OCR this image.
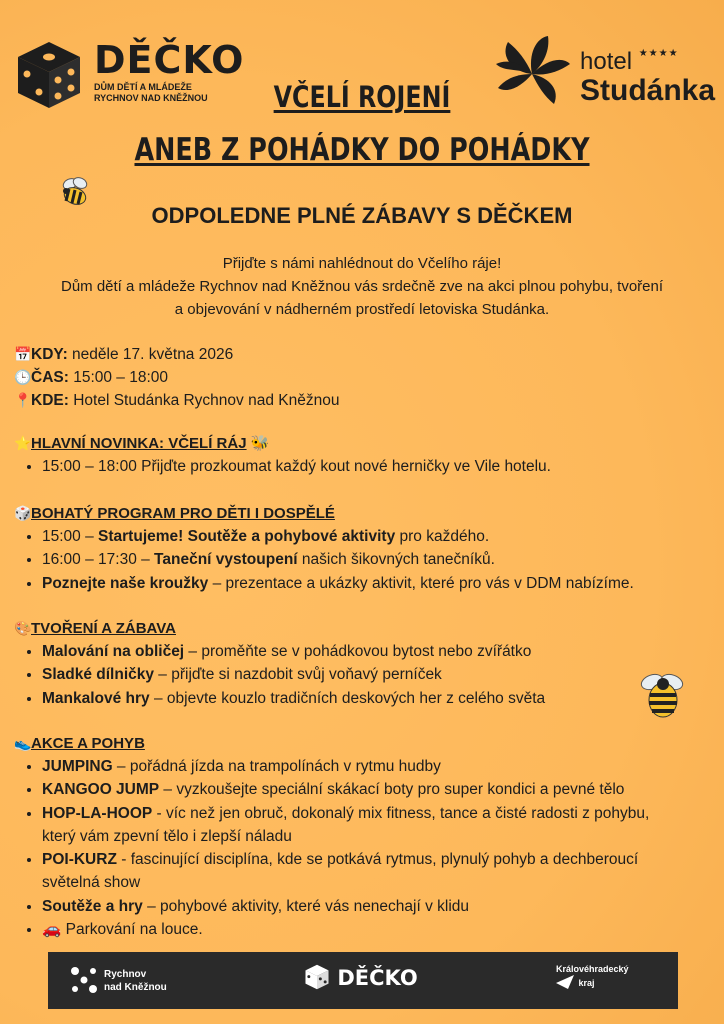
DĚČKO
DŮM DĚTÍ A MLÁDEŽE
RYCHNOV NAD KNĚŽNOU
hotel ★★★★
Studánka
VČELÍ ROJENÍ
ANEB Z POHÁDKY DO POHÁDKY
ODPOLEDNE PLNÉ ZÁBAVY S DĚČKEM
Přijďte s námi nahlédnout do Včelího ráje!
Dům dětí a mládeže Rychnov nad Kněžnou vás srdečně zve na akci plnou pohybu, tvoření
a objevování v nádherném prostředí letoviska Studánka.
📅KDY: neděle 17. května 2026
🕒ČAS: 15:00 – 18:00
📍KDE: Hotel Studánka Rychnov nad Kněžnou
⭐HLAVNÍ NOVINKA: VČELÍ RÁJ 🐝
• 15:00 – 18:00 Přijďte prozkoumat každý kout nové herničky ve Vile hotelu.
🎲BOHATÝ PROGRAM PRO DĚTI I DOSPĚLÉ
• 15:00 – Startujeme! Soutěže a pohybové aktivity pro každého.
• 16:00 – 17:30 – Taneční vystoupení našich šikovných tanečníků.
• Poznejte naše kroužky – prezentace a ukázky aktivit, které pro vás v DDM nabízíme.
🎨TVOŘENÍ A ZÁBAVA
• Malování na obličej – proměňte se v pohádkovou bytost nebo zvířátko
• Sladké dílničky – přijďte si nazdobit svůj voňavý perníček
• Mankalové hry – objevte kouzlo tradičních deskových her z celého světa
👟AKCE A POHYB
• JUMPING – pořádná jízda na trampolínách v rytmu hudby
• KANGOO JUMP – vyzkoušejte speciální skákací boty pro super kondici a pevné tělo
• HOP-LA-HOOP - víc než jen obruč, dokonalý mix fitness, tance a čisté radosti z pohybu, který vám zpevní tělo i zlepší náladu
• POI-KURZ - fascinující disciplína, kde se potkává rytmus, plynulý pohyb a dechberoucí světelná show
• Soutěže a hry – pohybové aktivity, které vás nenechají v klidu
• 🚗 Parkování na louce.
Rychnov
nad Kněžnou	DĚČKO	Královéhradecký
kraj
